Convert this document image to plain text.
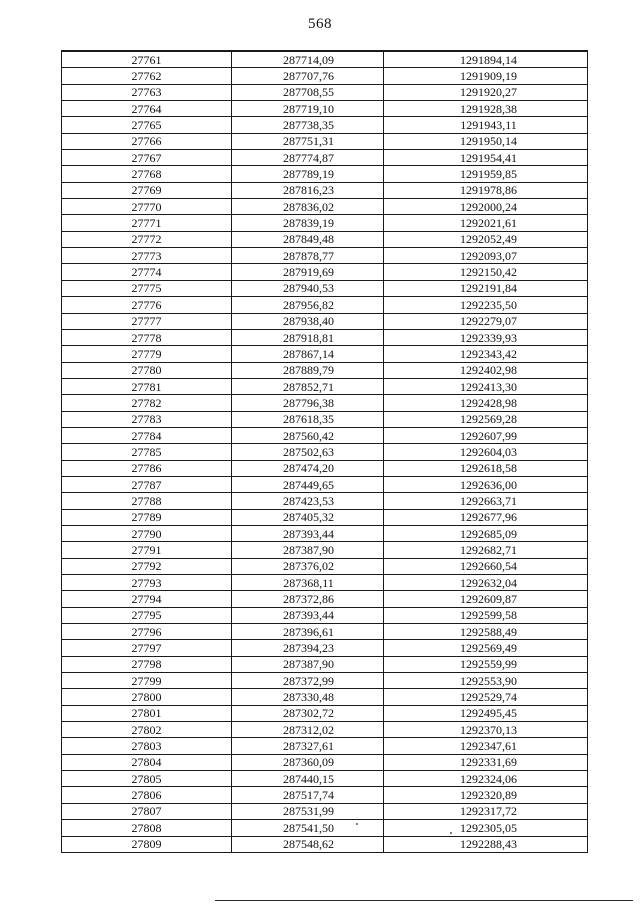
568
27761	287714,09	1291894,14
27762	287707,76	1291909,19
27763	287708,55	1291920,27
27764	287719,10	1291928,38
27765	287738,35	1291943,11
27766	287751,31	1291950,14
27767	287774,87	1291954,41
27768	287789,19	1291959,85
27769	287816,23	1291978,86
27770	287836,02	1292000,24
27771	287839,19	1292021,61
27772	287849,48	1292052,49
27773	287878,77	1292093,07
27774	287919,69	1292150,42
27775	287940,53	1292191,84
27776	287956,82	1292235,50
27777	287938,40	1292279,07
27778	287918,81	1292339,93
27779	287867,14	1292343,42
27780	287889,79	1292402,98
27781	287852,71	1292413,30
27782	287796,38	1292428,98
27783	287618,35	1292569,28
27784	287560,42	1292607,99
27785	287502,63	1292604,03
27786	287474,20	1292618,58
27787	287449,65	1292636,00
27788	287423,53	1292663,71
27789	287405,32	1292677,96
27790	287393,44	1292685,09
27791	287387,90	1292682,71
27792	287376,02	1292660,54
27793	287368,11	1292632,04
27794	287372,86	1292609,87
27795	287393,44	1292599,58
27796	287396,61	1292588,49
27797	287394,23	1292569,49
27798	287387,90	1292559,99
27799	287372,99	1292553,90
27800	287330,48	1292529,74
27801	287302,72	1292495,45
27802	287312,02	1292370,13
27803	287327,61	1292347,61
27804	287360,09	1292331,69
27805	287440,15	1292324,06
27806	287517,74	1292320,89
27807	287531,99	1292317,72
27808	287541,50	1292305,05
27809	287548,62	1292288,43
